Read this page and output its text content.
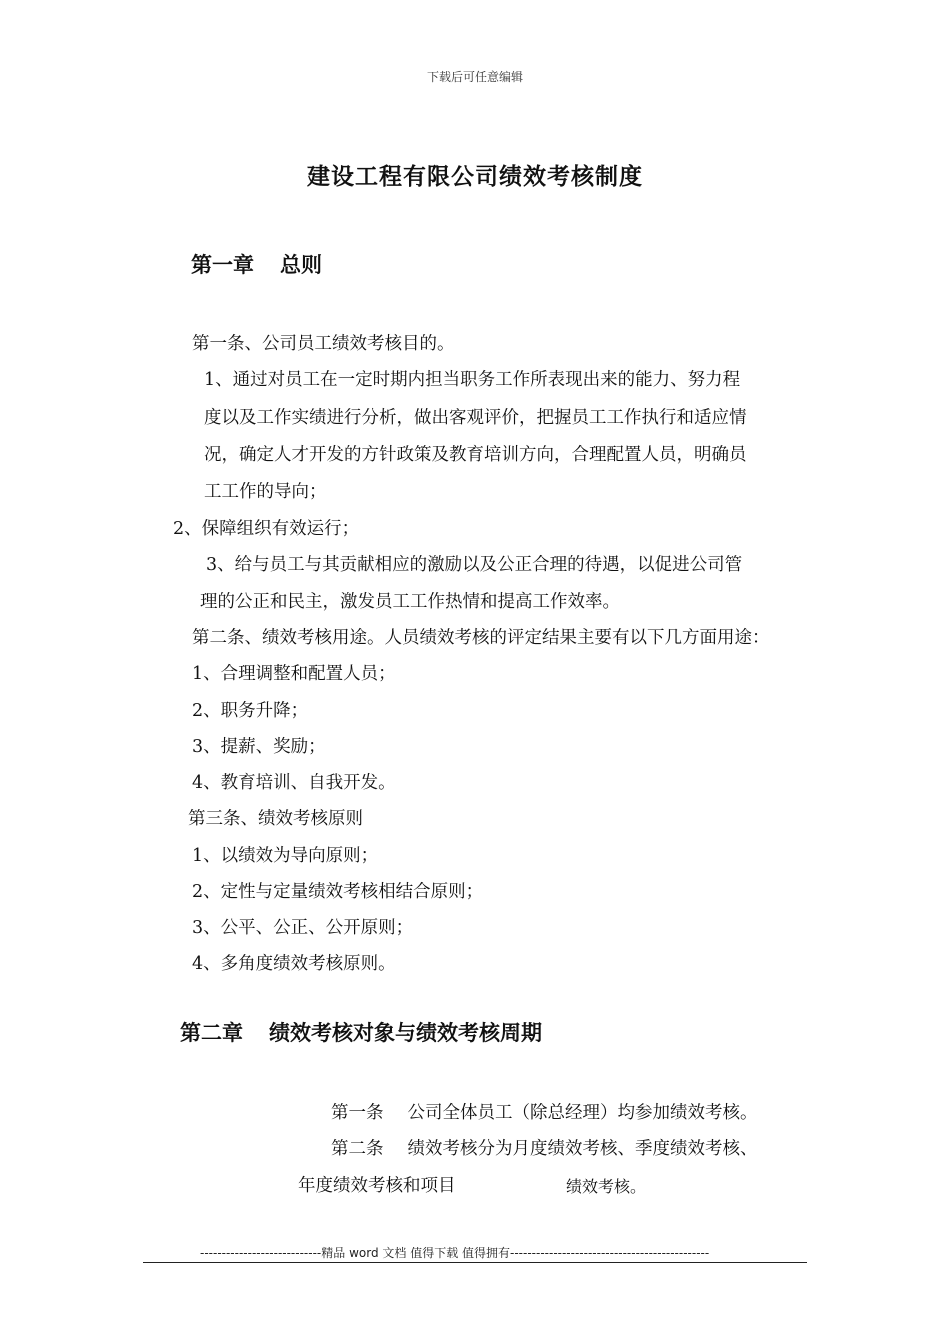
下载后可任意编辑
建设工程有限公司绩效考核制度
第一章 总则
第一条、公司员工绩效考核目的。
1、通过对员工在一定时期内担当职务工作所表现出来的能力、努力程
度以及工作实绩进行分析，做出客观评价，把握员工工作执行和适应情
况，确定人才开发的方针政策及教育培训方向，合理配置人员，明确员
工工作的导向；
2、保障组织有效运行；
3、给与员工与其贡献相应的激励以及公正合理的待遇，以促进公司管
理的公正和民主，激发员工工作热情和提高工作效率。
第二条、绩效考核用途。人员绩效考核的评定结果主要有以下几方面用途：
1、合理调整和配置人员；
2、职务升降；
3、提薪、奖励；
4、教育培训、自我开发。
第三条、绩效考核原则
1、以绩效为导向原则；
2、定性与定量绩效考核相结合原则；
3、公平、公正、公开原则；
4、多角度绩效考核原则。
第二章 绩效考核对象与绩效考核周期
第一条 公司全体员工（除总经理）均参加绩效考核。
第二条 绩效考核分为月度绩效考核、季度绩效考核、
年度绩效考核和项目	绩效考核。
----------------------------精品 word 文档 值得下载 值得拥有----------------------------------------------
